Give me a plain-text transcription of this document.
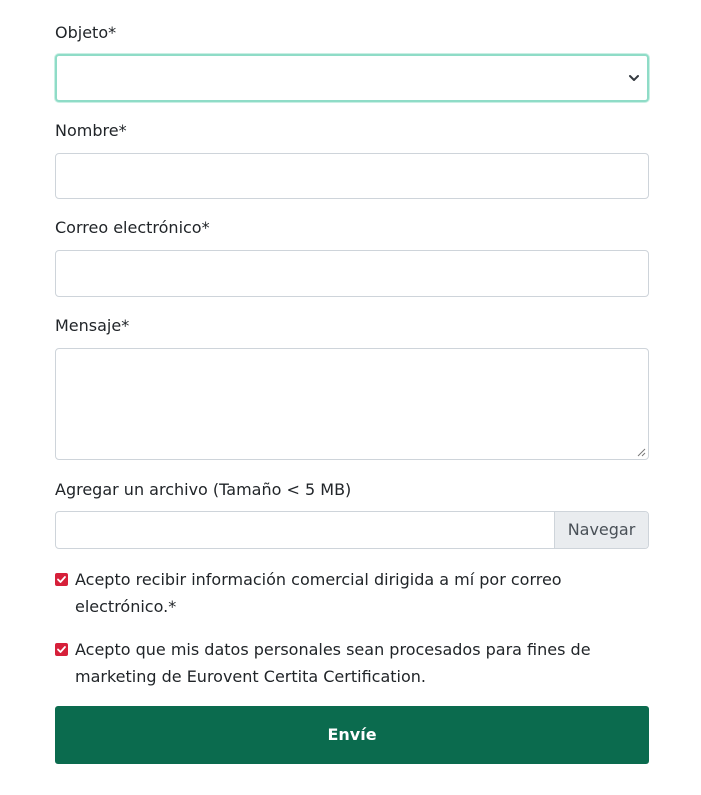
Objeto*
Nombre*
Correo electrónico*
Mensaje*
Agregar un archivo (Tamaño < 5 MB)
Navegar
Acepto recibir información comercial dirigida a mí por correo electrónico.*
Acepto que mis datos personales sean procesados para fines de marketing de Eurovent Certita Certification.
Envíe
